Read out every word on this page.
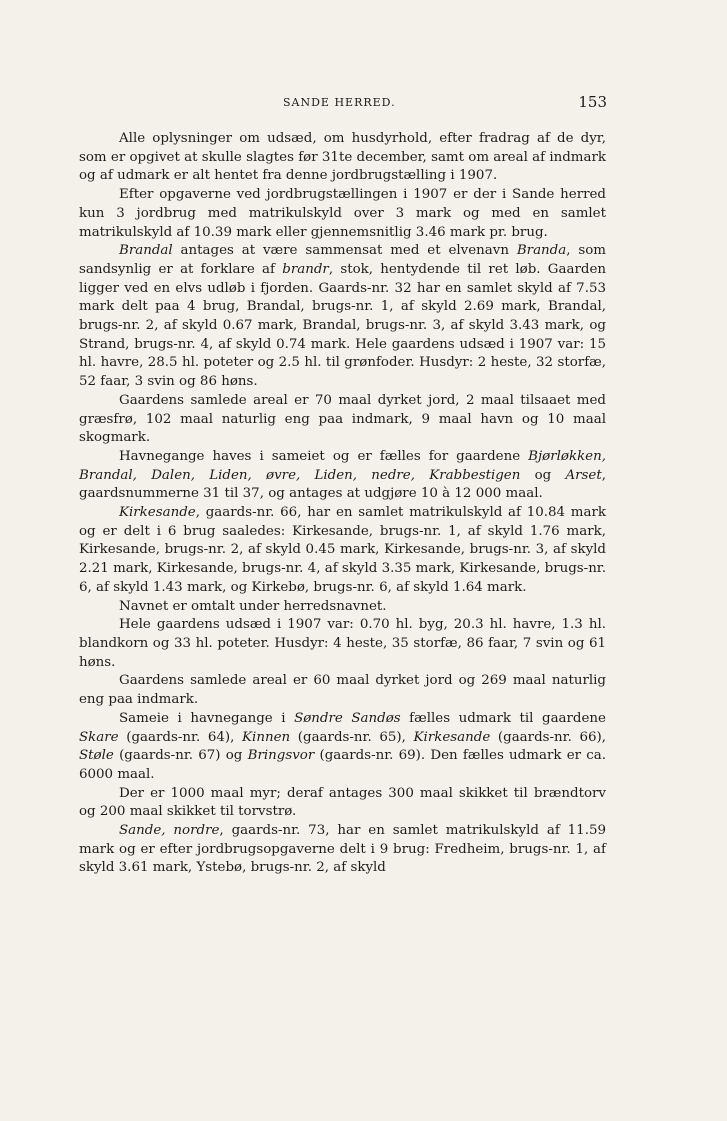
SANDE HERRED.	153

Alle oplysninger om udsæd, om husdyrhold, efter fradrag af de dyr, som er opgivet at skulle slagtes før 31te december, samt om areal af indmark og af udmark er alt hentet fra denne jordbrugstælling i 1907.

Efter opgaverne ved jordbrugstællingen i 1907 er der i Sande herred kun 3 jordbrug med matrikulskyld over 3 mark og med en samlet matrikulskyld af 10.39 mark eller gjennemsnitlig 3.46 mark pr. brug.

Brandal antages at være sammensat med et elvenavn Branda, som sandsynlig er at forklare af brandr, stok, hentydende til ret løb. Gaarden ligger ved en elvs udløb i fjorden. Gaards-nr. 32 har en samlet skyld af 7.53 mark delt paa 4 brug, Brandal, brugs-nr. 1, af skyld 2.69 mark, Brandal, brugs-nr. 2, af skyld 0.67 mark, Brandal, brugs-nr. 3, af skyld 3.43 mark, og Strand, brugs-nr. 4, af skyld 0.74 mark. Hele gaardens udsæd i 1907 var: 15 hl. havre, 28.5 hl. poteter og 2.5 hl. til grønfoder. Husdyr: 2 heste, 32 storfæ, 52 faar, 3 svin og 86 høns.

Gaardens samlede areal er 70 maal dyrket jord, 2 maal tilsaaet med græsfrø, 102 maal naturlig eng paa indmark, 9 maal havn og 10 maal skogmark.

Havnegange haves i sameiet og er fælles for gaardene Bjørløkken, Brandal, Dalen, Liden, øvre, Liden, nedre, Krabbestigen og Arset, gaardsnummerne 31 til 37, og antages at udgjøre 10 à 12 000 maal.

Kirkesande, gaards-nr. 66, har en samlet matrikulskyld af 10.84 mark og er delt i 6 brug saaledes: Kirkesande, brugs-nr. 1, af skyld 1.76 mark, Kirkesande, brugs-nr. 2, af skyld 0.45 mark, Kirkesande, brugs-nr. 3, af skyld 2.21 mark, Kirkesande, brugs-nr. 4, af skyld 3.35 mark, Kirkesande, brugs-nr. 6, af skyld 1.43 mark, og Kirkebø, brugs-nr. 6, af skyld 1.64 mark.

Navnet er omtalt under herredsnavnet.

Hele gaardens udsæd i 1907 var: 0.70 hl. byg, 20.3 hl. havre, 1.3 hl. blandkorn og 33 hl. poteter. Husdyr: 4 heste, 35 storfæ, 86 faar, 7 svin og 61 høns.

Gaardens samlede areal er 60 maal dyrket jord og 269 maal naturlig eng paa indmark.

Sameie i havnegange i Søndre Sandøs fælles udmark til gaardene Skare (gaards-nr. 64), Kinnen (gaards-nr. 65), Kirkesande (gaards-nr. 66), Støle (gaards-nr. 67) og Bringsvor (gaards-nr. 69). Den fælles udmark er ca. 6000 maal.

Der er 1000 maal myr; deraf antages 300 maal skikket til brændtorv og 200 maal skikket til torvstrø.

Sande, nordre, gaards-nr. 73, har en samlet matrikulskyld af 11.59 mark og er efter jordbrugsopgaverne delt i 9 brug: Fredheim, brugs-nr. 1, af skyld 3.61 mark, Ystebø, brugs-nr. 2, af skyld
